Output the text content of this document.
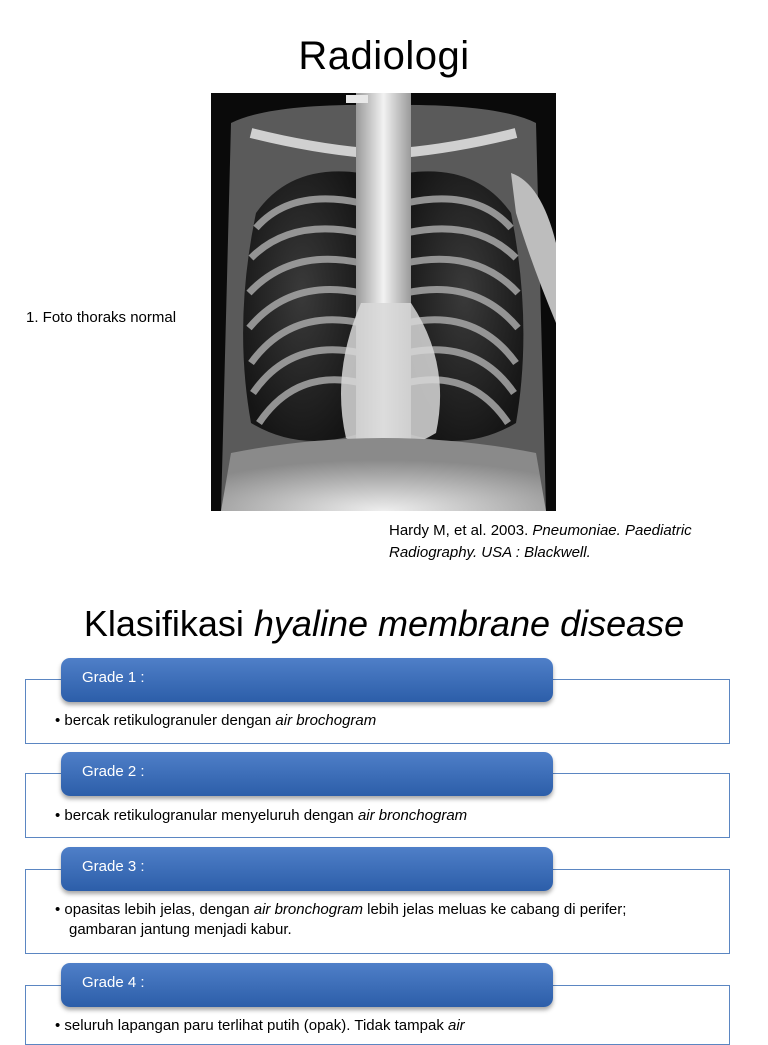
Radiologi
1. Foto thoraks normal
Hardy M, et al. 2003. Pneumoniae. Paediatric Radiography. USA : Blackwell.
Klasifikasi hyaline membrane disease
• bercak retikulogranuler dengan air brochogram
Grade 1 :
• bercak retikulogranular menyeluruh dengan air bronchogram
Grade 2 :
• opasitas lebih jelas, dengan air bronchogram lebih jelas meluas ke cabang di perifer; gambaran jantung menjadi kabur.
Grade 3 :
• seluruh lapangan paru terlihat putih (opak). Tidak tampak air
Grade 4 :
